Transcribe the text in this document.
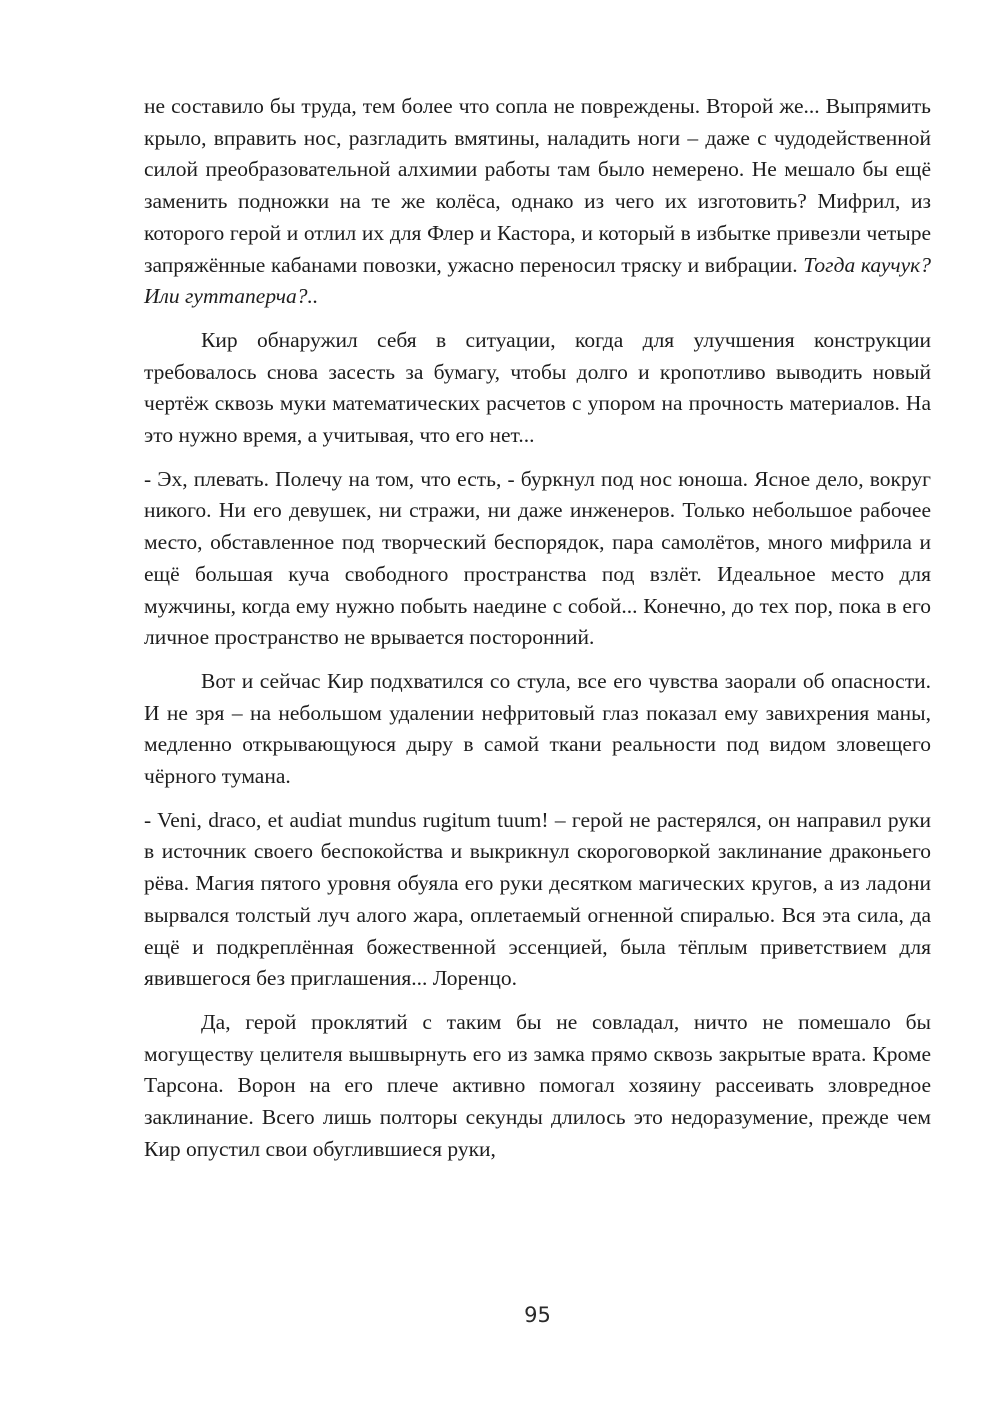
не составило бы труда, тем более что сопла не повреждены. Второй же... Выпрямить крыло, вправить нос, разгладить вмятины, наладить ноги – даже с чудодейственной силой преобразовательной алхимии работы там было немерено. Не мешало бы ещё заменить подножки на те же колёса, однако из чего их изготовить? Мифрил, из которого герой и отлил их для Флер и Кастора, и который в избытке привезли четыре запряжённые кабанами повозки, ужасно переносил тряску и вибрации. Тогда каучук? Или гуттаперча?..

Кир обнаружил себя в ситуации, когда для улучшения конструкции требовалось снова засесть за бумагу, чтобы долго и кропотливо выводить новый чертёж сквозь муки математических расчетов с упором на прочность материалов. На это нужно время, а учитывая, что его нет...

- Эх, плевать. Полечу на том, что есть, - буркнул под нос юноша. Ясное дело, вокруг никого. Ни его девушек, ни стражи, ни даже инженеров. Только небольшое рабочее место, обставленное под творческий беспорядок, пара самолётов, много мифрила и ещё большая куча свободного пространства под взлёт. Идеальное место для мужчины, когда ему нужно побыть наедине с собой... Конечно, до тех пор, пока в его личное пространство не врывается посторонний.

Вот и сейчас Кир подхватился со стула, все его чувства заорали об опасности. И не зря – на небольшом удалении нефритовый глаз показал ему завихрения маны, медленно открывающуюся дыру в самой ткани реальности под видом зловещего чёрного тумана.

- Veni, draco, et audiat mundus rugitum tuum! – герой не растерялся, он направил руки в источник своего беспокойства и выкрикнул скороговоркой заклинание драконьего рёва. Магия пятого уровня обуяла его руки десятком магических кругов, а из ладони вырвался толстый луч алого жара, оплетаемый огненной спиралью. Вся эта сила, да ещё и подкреплённая божественной эссенцией, была тёплым приветствием для явившегося без приглашения... Лоренцо.

Да, герой проклятий с таким бы не совладал, ничто не помешало бы могуществу целителя вышвырнуть его из замка прямо сквозь закрытые врата. Кроме Тарсона. Ворон на его плече активно помогал хозяину рассеивать зловредное заклинание. Всего лишь полторы секунды длилось это недоразумение, прежде чем Кир опустил свои обуглившиеся руки,

95
